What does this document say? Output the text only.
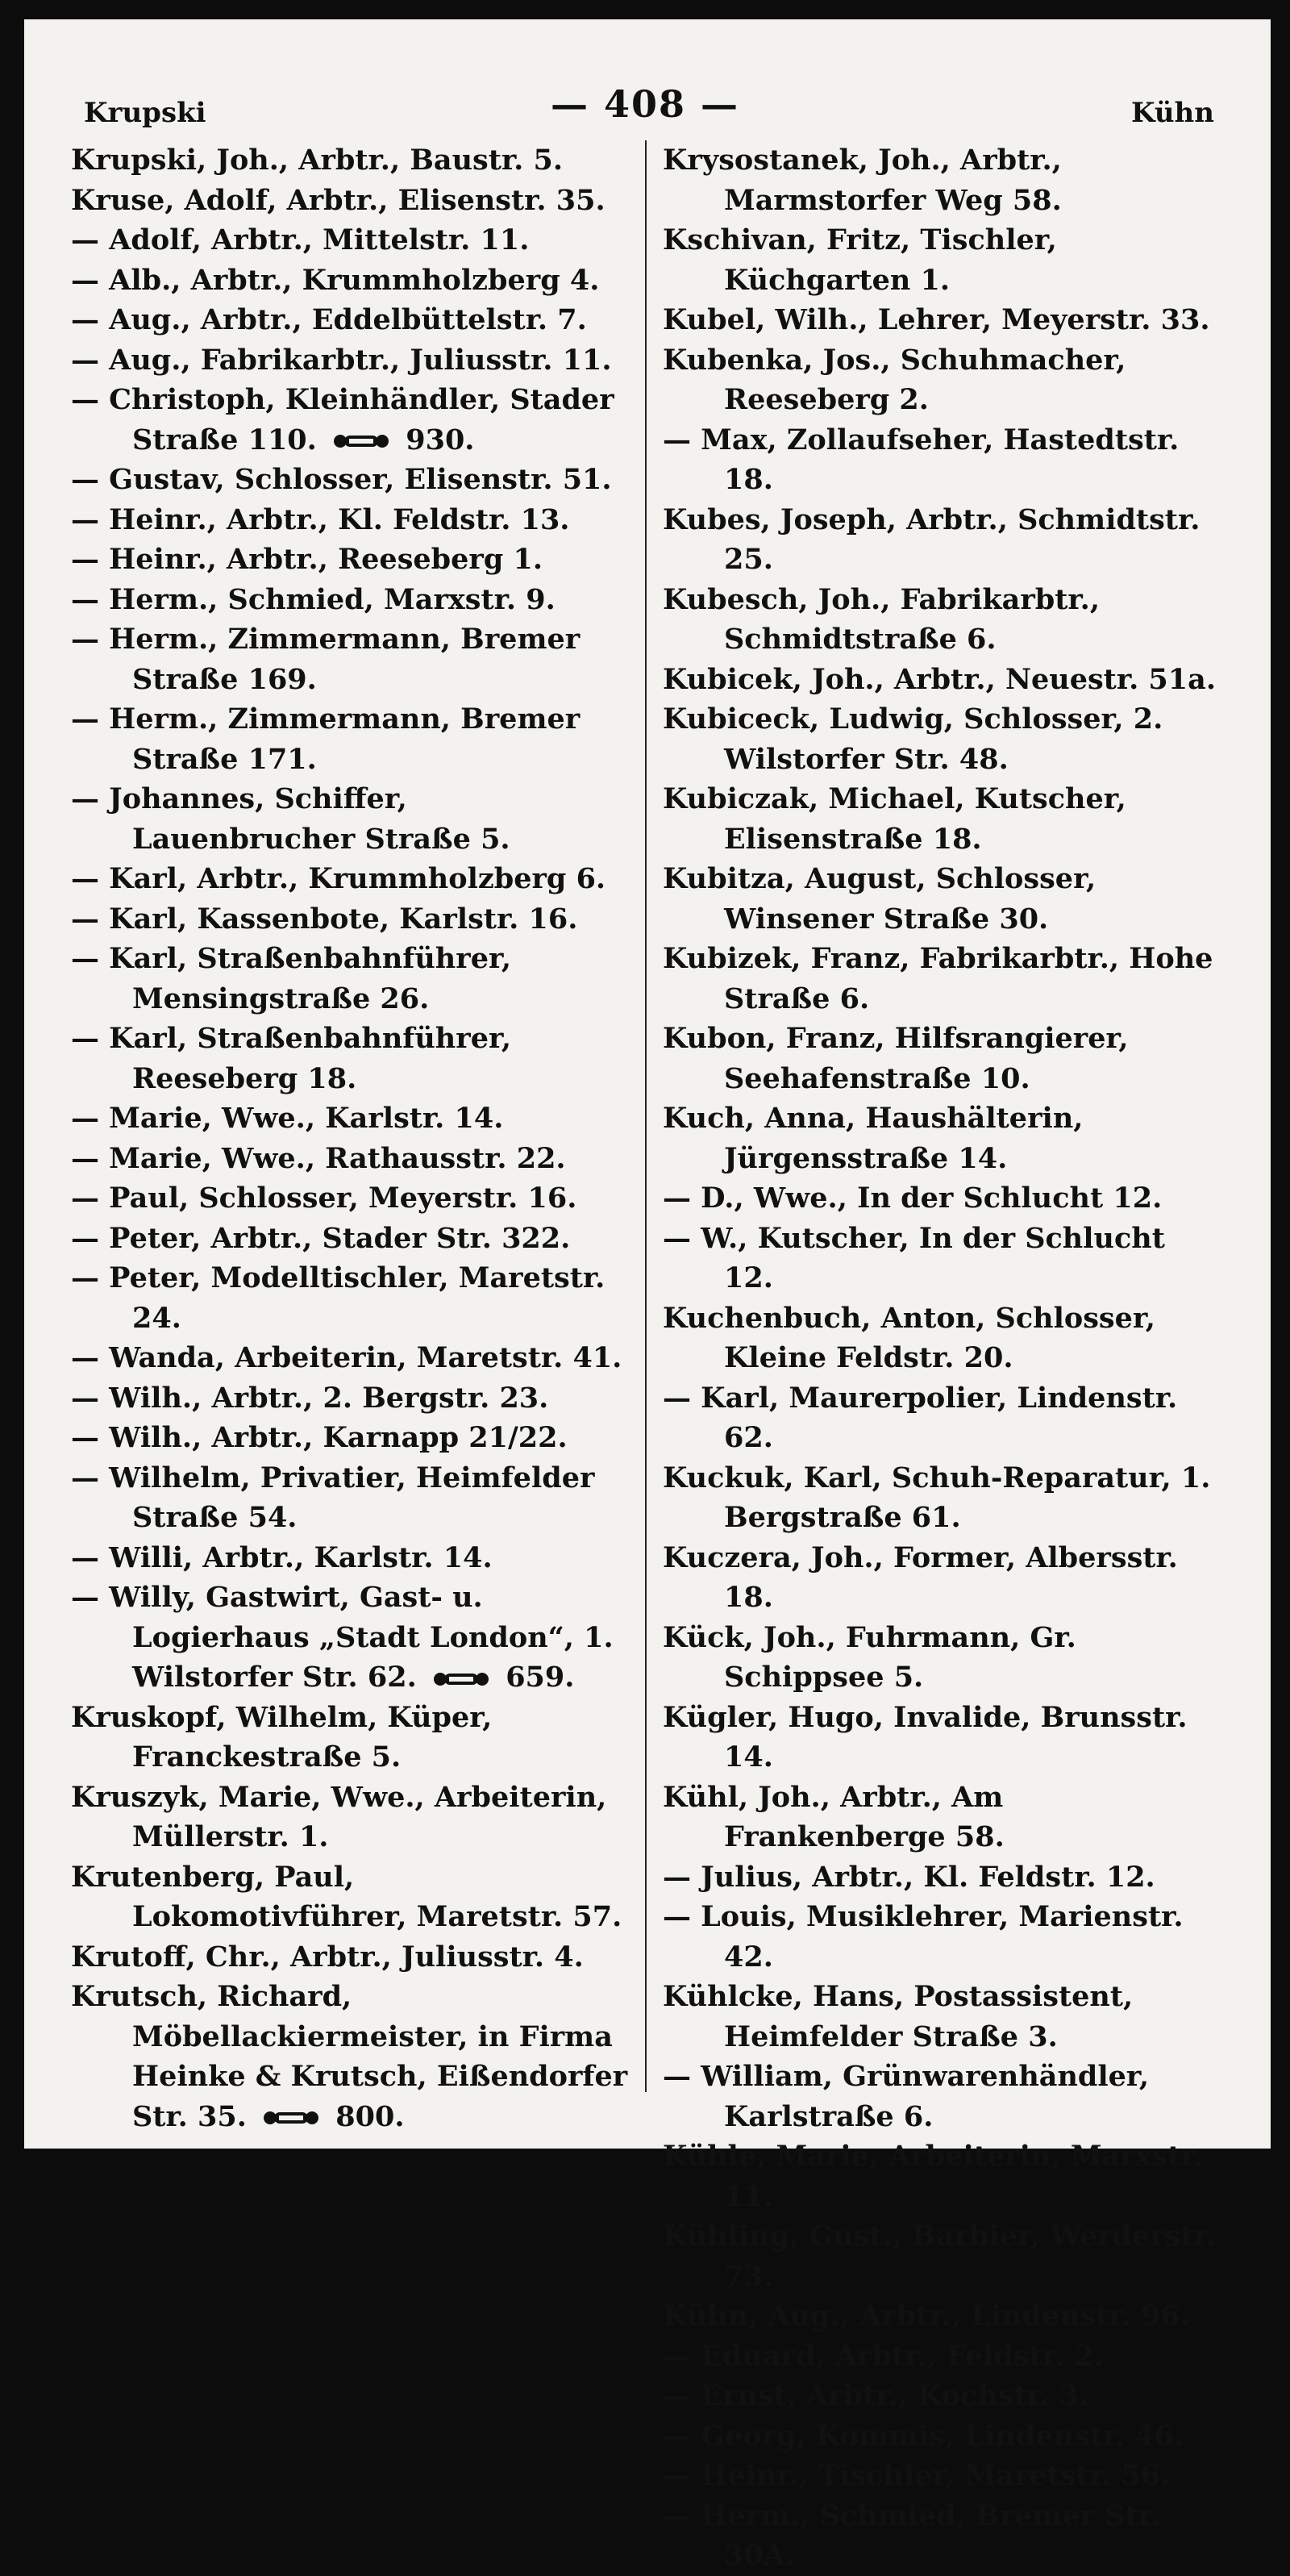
Krupski	— 408 —	Kühn
Krupski, Joh., Arbtr., Baustr. 5.
Kruse, Adolf, Arbtr., Elisenstr. 35.
— Adolf, Arbtr., Mittelstr. 11.
— Alb., Arbtr., Krummholzberg 4.
— Aug., Arbtr., Eddelbüttelstr. 7.
— Aug., Fabrikarbtr., Juliusstr. 11.
— Christoph, Kleinhändler, Stader Straße 110.  930.
— Gustav, Schlosser, Elisenstr. 51.
— Heinr., Arbtr., Kl. Feldstr. 13.
— Heinr., Arbtr., Reeseberg 1.
— Herm., Schmied, Marxstr. 9.
— Herm., Zimmermann, Bremer Straße 169.
— Herm., Zimmermann, Bremer Straße 171.
— Johannes, Schiffer, Lauenbrucher Straße 5.
— Karl, Arbtr., Krummholzberg 6.
— Karl, Kassenbote, Karlstr. 16.
— Karl, Straßenbahnführer, Mensingstraße 26.
— Karl, Straßenbahnführer, Reeseberg 18.
— Marie, Wwe., Karlstr. 14.
— Marie, Wwe., Rathausstr. 22.
— Paul, Schlosser, Meyerstr. 16.
— Peter, Arbtr., Stader Str. 322.
— Peter, Modelltischler, Maretstr. 24.
— Wanda, Arbeiterin, Maretstr. 41.
— Wilh., Arbtr., 2. Bergstr. 23.
— Wilh., Arbtr., Karnapp 21/22.
— Wilhelm, Privatier, Heimfelder Straße 54.
— Willi, Arbtr., Karlstr. 14.
— Willy, Gastwirt, Gast- u. Logierhaus „Stadt London“, 1. Wilstorfer Str. 62.  659.
Kruskopf, Wilhelm, Küper, Franckestraße 5.
Kruszyk, Marie, Wwe., Arbeiterin, Müllerstr. 1.
Krutenberg, Paul, Lokomotivführer, Maretstr. 57.
Krutoff, Chr., Arbtr., Juliusstr. 4.
Krutsch, Richard, Möbellackiermeister, in Firma Heinke & Krutsch, Eißendorfer Str. 35.  800.
Krysostanek, Joh., Arbtr., Marmstorfer Weg 58.
Kschivan, Fritz, Tischler, Küchgarten 1.
Kubel, Wilh., Lehrer, Meyerstr. 33.
Kubenka, Jos., Schuhmacher, Reeseberg 2.
— Max, Zollaufseher, Hastedtstr. 18.
Kubes, Joseph, Arbtr., Schmidtstr. 25.
Kubesch, Joh., Fabrikarbtr., Schmidtstraße 6.
Kubicek, Joh., Arbtr., Neuestr. 51a.
Kubiceck, Ludwig, Schlosser, 2. Wilstorfer Str. 48.
Kubiczak, Michael, Kutscher, Elisenstraße 18.
Kubitza, August, Schlosser, Winsener Straße 30.
Kubizek, Franz, Fabrikarbtr., Hohe Straße 6.
Kubon, Franz, Hilfsrangierer, Seehafenstraße 10.
Kuch, Anna, Haushälterin, Jürgensstraße 14.
— D., Wwe., In der Schlucht 12.
— W., Kutscher, In der Schlucht 12.
Kuchenbuch, Anton, Schlosser, Kleine Feldstr. 20.
— Karl, Maurerpolier, Lindenstr. 62.
Kuckuk, Karl, Schuh-Reparatur, 1. Bergstraße 61.
Kuczera, Joh., Former, Albersstr. 18.
Kück, Joh., Fuhrmann, Gr. Schippsee 5.
Kügler, Hugo, Invalide, Brunsstr. 14.
Kühl, Joh., Arbtr., Am Frankenberge 58.
— Julius, Arbtr., Kl. Feldstr. 12.
— Louis, Musiklehrer, Marienstr. 42.
Kühlcke, Hans, Postassistent, Heimfelder Straße 3.
— William, Grünwarenhändler, Karlstraße 6.
Kühle, Marie, Arbeiterin, Marxstr. 11.
Kühling, Gust., Barbier, Werderstr. 73.
Kühn, Aug., Arbtr., Lindenstr. 96.
— Eduard, Arbtr., Feldstr. 2.
— Ernst, Arbtr., Kochstr. 3.
— Georg, Kommis, Lindenstr. 46.
— Heinr., Tischler, Maretstr. 56.
— Herm., Schmied, Bremer Str. 30A.
